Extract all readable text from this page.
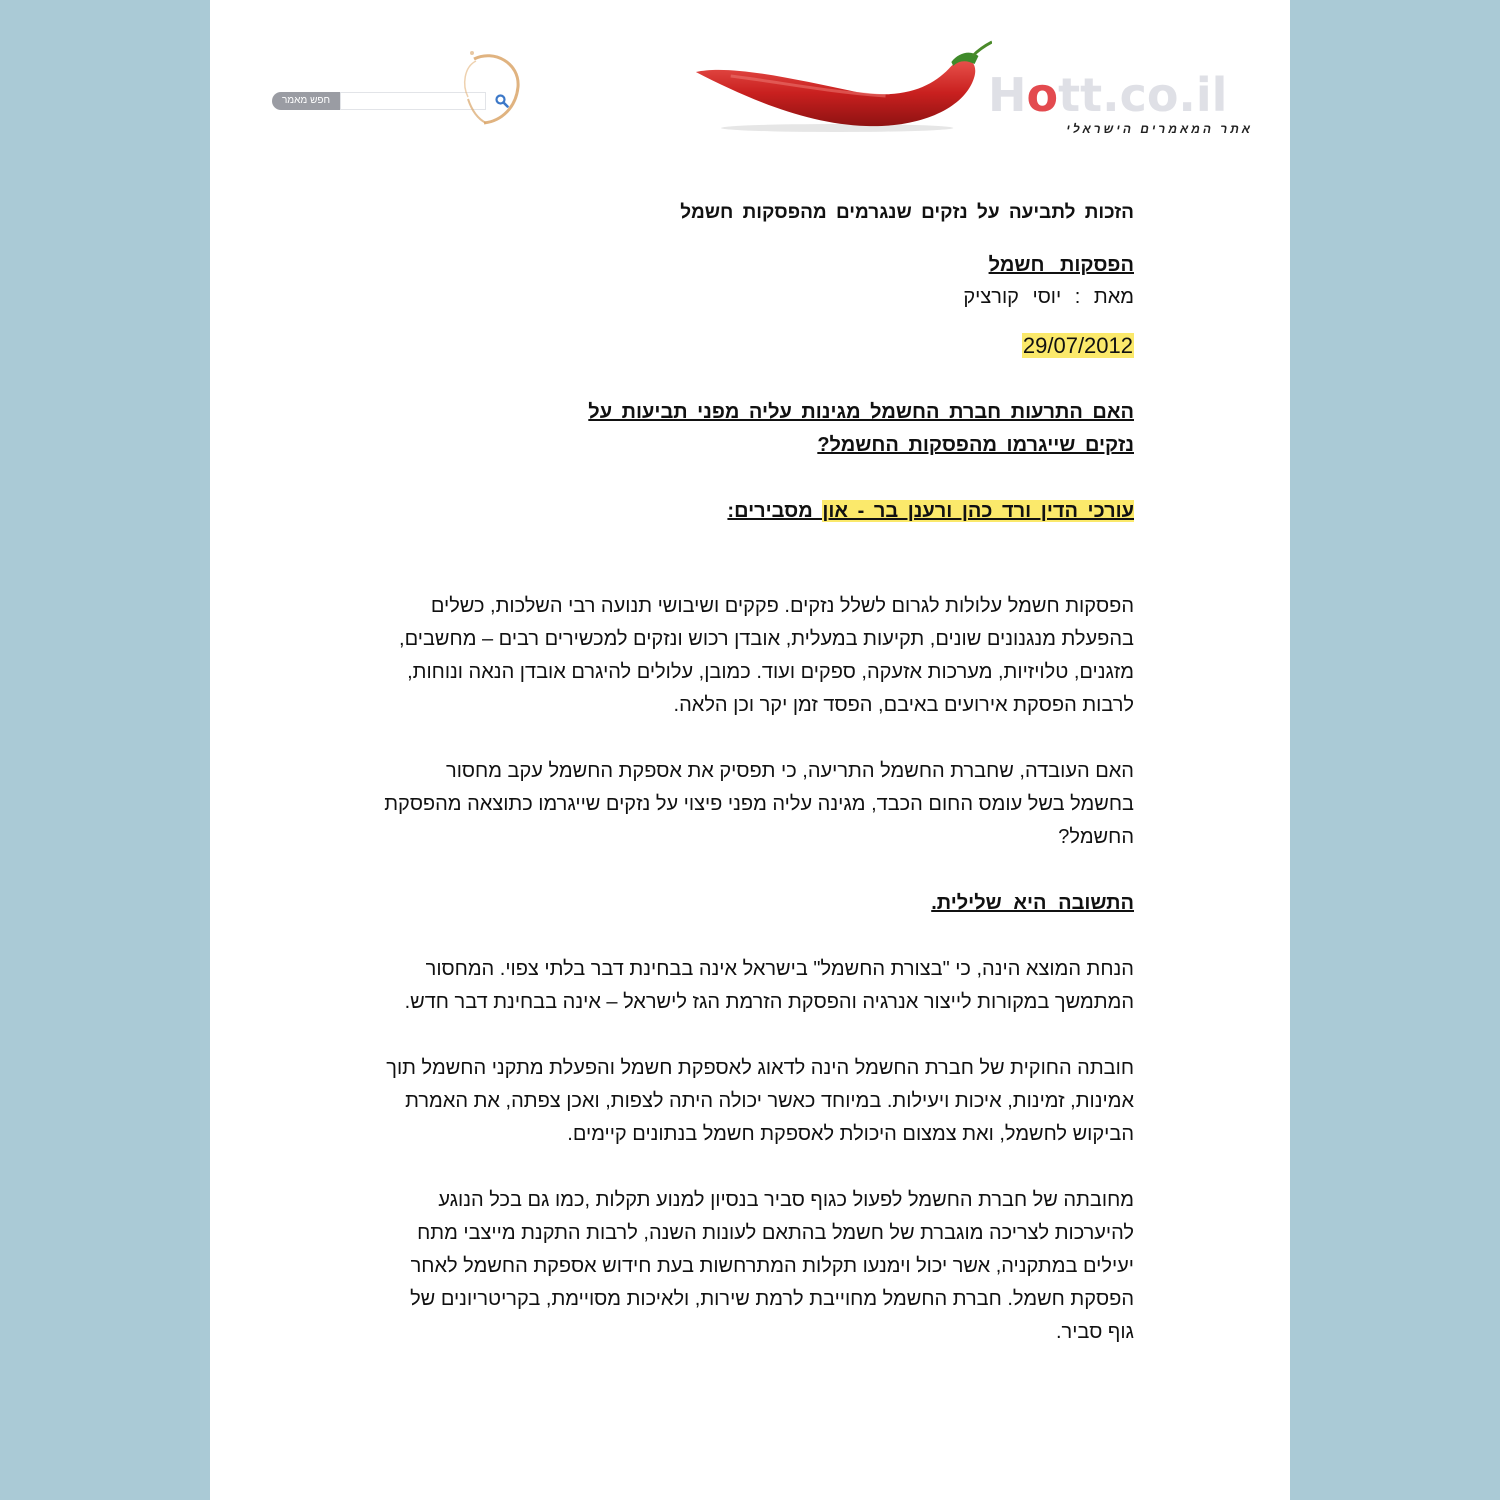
חפש מאמר	Hott.co.il
אתר המאמרים הישראלי
הזכות לתביעה על נזקים שנגרמים מהפסקות חשמל
הפסקות חשמל
מאת : יוסי קורציק
29/07/2012
האם התרעות חברת החשמל מגינות עליה מפני תביעות על נזקים שייגרמו מהפסקות החשמל?
עורכי הדין ורד כהן ורענן בר - און מסבירים:

הפסקות חשמל עלולות לגרום לשלל נזקים. פקקים ושיבושי תנועה רבי השלכות, כשלים בהפעלת מנגנונים שונים, תקיעות במעלית, אובדן רכוש ונזקים למכשירים רבים – מחשבים, מזגנים, טלויזיות, מערכות אזעקה, ספקים ועוד. כמובן, עלולים להיגרם אובדן הנאה ונוחות, לרבות הפסקת אירועים באיבם, הפסד זמן יקר וכן הלאה.

האם העובדה, שחברת החשמל התריעה, כי תפסיק את אספקת החשמל עקב מחסור בחשמל בשל עומס החום הכבד, מגינה עליה מפני פיצוי על נזקים שייגרמו כתוצאה מהפסקת החשמל?

התשובה היא שלילית.

הנחת המוצא הינה, כי "בצורת החשמל" בישראל אינה בבחינת דבר בלתי צפוי. המחסור המתמשך במקורות לייצור אנרגיה והפסקת הזרמת הגז לישראל – אינה בבחינת דבר חדש.

חובתה החוקית של חברת החשמל הינה לדאוג לאספקת חשמל והפעלת מתקני החשמל תוך אמינות, זמינות, איכות ויעילות. במיוחד כאשר יכולה היתה לצפות, ואכן צפתה, את האמרת הביקוש לחשמל, ואת צמצום היכולת לאספקת חשמל בנתונים קיימים.

מחובתה של חברת החשמל לפעול כגוף סביר בנסיון למנוע תקלות ,כמו גם בכל הנוגע להיערכות לצריכה מוגברת של חשמל בהתאם לעונות השנה, לרבות התקנת מייצבי מתח יעילים במתקניה, אשר יכול וימנעו תקלות המתרחשות בעת חידוש אספקת החשמל לאחר הפסקת חשמל. חברת החשמל מחוייבת לרמת שירות, ולאיכות מסויימת, בקריטריונים של גוף סביר.
